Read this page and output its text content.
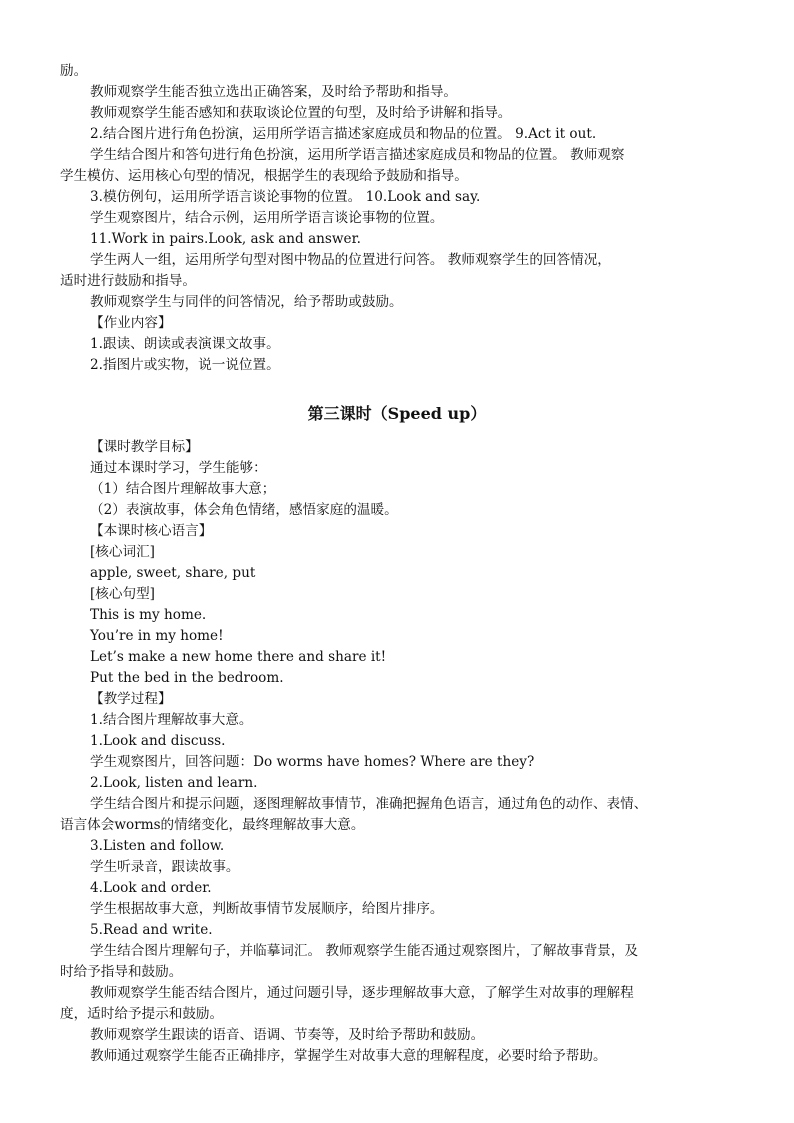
励。
教师观察学生能否独立选出正确答案，及时给予帮助和指导。
教师观察学生能否感知和获取谈论位置的句型，及时给予讲解和指导。
2.结合图片进行角色扮演，运用所学语言描述家庭成员和物品的位置。 9.Act it out.
学生结合图片和答句进行角色扮演，运用所学语言描述家庭成员和物品的位置。 教师观察
学生模仿、运用核心句型的情况，根据学生的表现给予鼓励和指导。
3.模仿例句，运用所学语言谈论事物的位置。 10.Look and say.
学生观察图片，结合示例，运用所学语言谈论事物的位置。
11.Work in pairs.Look, ask and answer.
学生两人一组，运用所学句型对图中物品的位置进行问答。 教师观察学生的回答情况，
适时进行鼓励和指导。
教师观察学生与同伴的问答情况，给予帮助或鼓励。
【作业内容】
1.跟读、朗读或表演课文故事。
2.指图片或实物，说一说位置。
第三课时（Speed up）
【课时教学目标】
通过本课时学习，学生能够：
（1）结合图片理解故事大意；
（2）表演故事，体会角色情绪，感悟家庭的温暖。
【本课时核心语言】
[核心词汇]
apple, sweet, share, put
[核心句型]
This is my home.
You’re in my home!
Let’s make a new home there and share it!
Put the bed in the bedroom.
【教学过程】
1.结合图片理解故事大意。
1.Look and discuss.
学生观察图片，回答问题：Do worms have homes? Where are they?
2.Look, listen and learn.
学生结合图片和提示问题，逐图理解故事情节，准确把握角色语言，通过角色的动作、表情、
语言体会worms的情绪变化，最终理解故事大意。
3.Listen and follow.
学生听录音，跟读故事。
4.Look and order.
学生根据故事大意，判断故事情节发展顺序，给图片排序。
5.Read and write.
学生结合图片理解句子，并临摹词汇。 教师观察学生能否通过观察图片，了解故事背景，及
时给予指导和鼓励。
教师观察学生能否结合图片，通过问题引导，逐步理解故事大意，了解学生对故事的理解程
度，适时给予提示和鼓励。
教师观察学生跟读的语音、语调、节奏等，及时给予帮助和鼓励。
教师通过观察学生能否正确排序，掌握学生对故事大意的理解程度，必要时给予帮助。
